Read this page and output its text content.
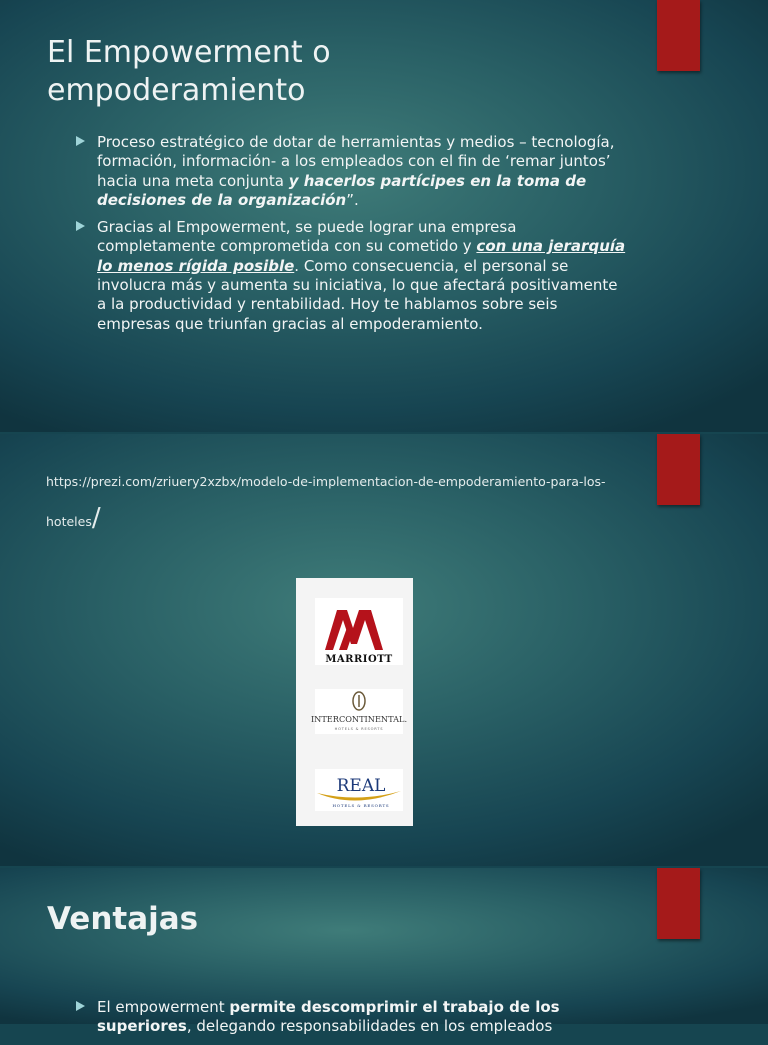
El Empowerment o
empoderamiento
Proceso estratégico de dotar de herramientas y medios – tecnología, formación, información- a los empleados con el fin de ‘remar juntos’ hacia una meta conjunta y hacerlos partícipes en la toma de decisiones de la organización”.
Gracias al Empowerment, se puede lograr una empresa completamente comprometida con su cometido y con una jerarquía lo menos rígida posible. Como consecuencia, el personal se involucra más y aumenta su iniciativa, lo que afectará positivamente a la productividad y rentabilidad. Hoy te hablamos sobre seis empresas que triunfan gracias al empoderamiento.
https://prezi.com/zriuery2xzbx/modelo-de-implementacion-de-empoderamiento-para-los-hoteles/
MARRIOTT
INTERCONTINENTAL.
HOTELS & RESORTS
REAL
HOTELS & RESORTS
Ventajas
El empowerment permite descomprimir el trabajo de los superiores, delegando responsabilidades en los empleados
